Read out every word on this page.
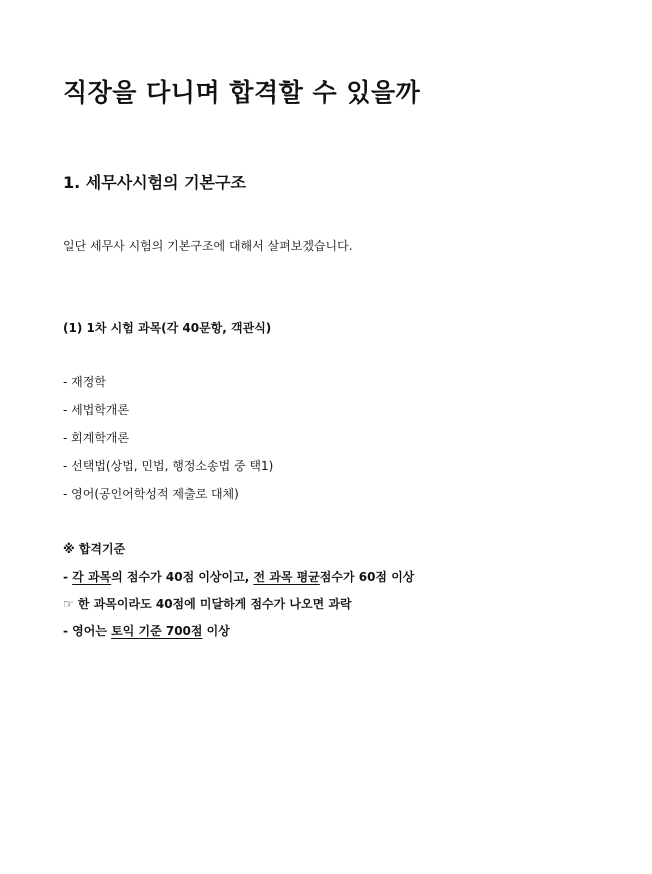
직장을 다니며 합격할 수 있을까
1. 세무사시험의 기본구조
일단 세무사 시험의 기본구조에 대해서 살펴보겠습니다.
(1) 1차 시험 과목(각 40문항, 객관식)
- 재정학
- 세법학개론
- 회계학개론
- 선택법(상법, 민법, 행정소송법 중 택1)
- 영어(공인어학성적 제출로 대체)
※ 합격기준
- 각 과목의 점수가 40점 이상이고, 전 과목 평균점수가 60점 이상
☞ 한 과목이라도 40점에 미달하게 점수가 나오면 과락
- 영어는 토익 기준 700점 이상
